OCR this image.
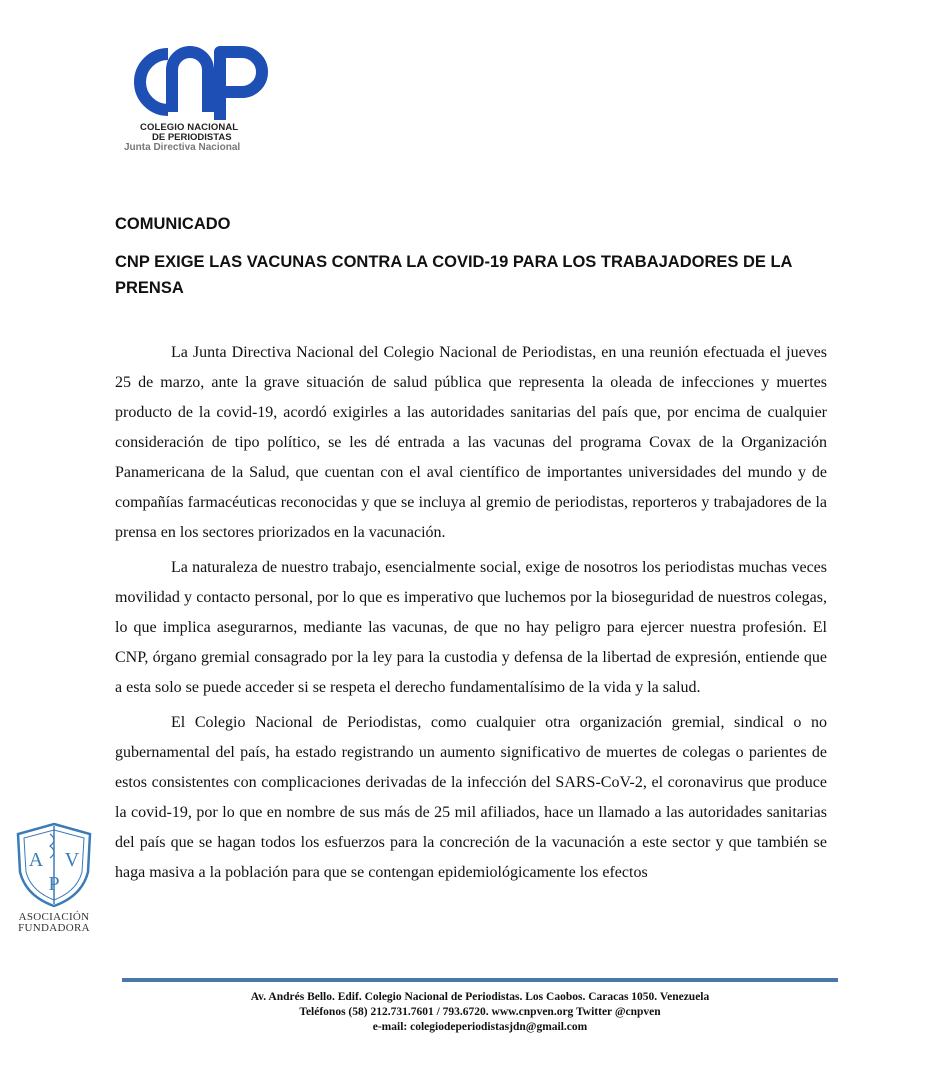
COLEGIO NACIONAL
DE PERIODISTAS
Junta Directiva Nacional
COMUNICADO
CNP EXIGE LAS VACUNAS CONTRA LA COVID-19 PARA LOS TRABAJADORES DE LA PRENSA

La Junta Directiva Nacional del Colegio Nacional de Periodistas, en una reunión efectuada el jueves 25 de marzo, ante la grave situación de salud pública que representa la oleada de infecciones y muertes producto de la covid-19, acordó exigirles a las autoridades sanitarias del país que, por encima de cualquier consideración de tipo político, se les dé entrada a las vacunas del programa Covax de la Organización Panamericana de la Salud, que cuentan con el aval científico de importantes universidades del mundo y de compañías farmacéuticas reconocidas y que se incluya al gremio de periodistas, reporteros y trabajadores de la prensa en los sectores priorizados en la vacunación.

La naturaleza de nuestro trabajo, esencialmente social, exige de nosotros los periodistas muchas veces movilidad y contacto personal, por lo que es imperativo que luchemos por la bioseguridad de nuestros colegas, lo que implica asegurarnos, mediante las vacunas, de que no hay peligro para ejercer nuestra profesión. El CNP, órgano gremial consagrado por la ley para la custodia y defensa de la libertad de expresión, entiende que a esta solo se puede acceder si se respeta el derecho fundamentalísimo de la vida y la salud.

El Colegio Nacional de Periodistas, como cualquier otra organización gremial, sindical o no gubernamental del país, ha estado registrando un aumento significativo de muertes de colegas o parientes de estos consistentes con complicaciones derivadas de la infección del SARS-CoV-2, el coronavirus que produce la covid-19, por lo que en nombre de sus más de 25 mil afiliados, hace un llamado a las autoridades sanitarias del país que se hagan todos los esfuerzos para la concreción de la vacunación a este sector y que también se haga masiva a la población para que se contengan epidemiológicamente los efectos

A V
P
ASOCIACIÓN
FUNDADORA
Av. Andrés Bello. Edif. Colegio Nacional de Periodistas. Los Caobos. Caracas 1050. Venezuela
Teléfonos (58) 212.731.7601 / 793.6720. www.cnpven.org Twitter @cnpven
e-mail: colegiodeperiodistasjdn@gmail.com
